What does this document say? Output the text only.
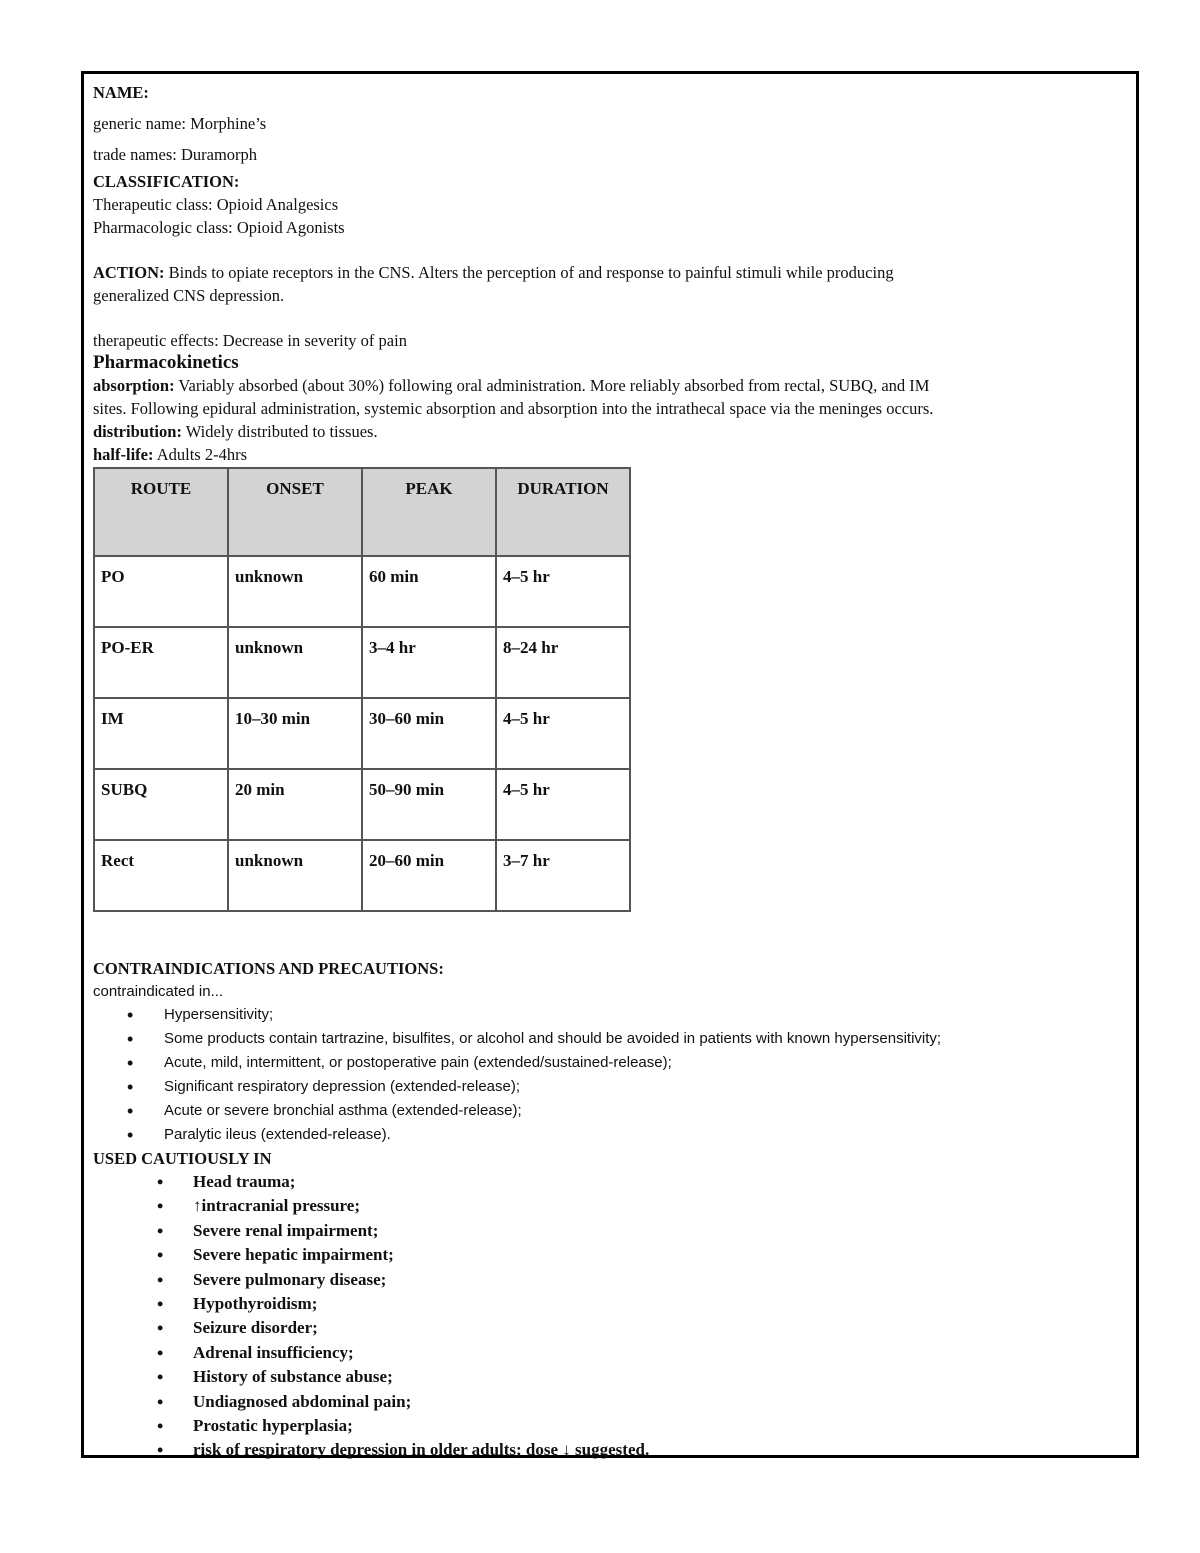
NAME:

generic name: Morphine’s

trade names: Duramorph

CLASSIFICATION:

Therapeutic class: Opioid Analgesics

Pharmacologic class: Opioid Agonists

ACTION: Binds to opiate receptors in the CNS. Alters the perception of and response to painful stimuli while producing

generalized CNS depression.

therapeutic effects: Decrease in severity of pain

Pharmacokinetics

absorption: Variably absorbed (about 30%) following oral administration. More reliably absorbed from rectal, SUBQ, and IM

sites. Following epidural administration, systemic absorption and absorption into the intrathecal space via the meninges occurs.

distribution: Widely distributed to tissues.

half-life: Adults 2-4hrs

ROUTE	ONSET	PEAK	DURATION
PO	unknown	60 min	4–5 hr
PO-ER	unknown	3–4 hr	8–24 hr
IM	10–30 min	30–60 min	4–5 hr
SUBQ	20 min	50–90 min	4–5 hr
Rect	unknown	20–60 min	3–7 hr

CONTRAINDICATIONS AND PRECAUTIONS:

contraindicated in...

• Hypersensitivity;
• Some products contain tartrazine, bisulfites, or alcohol and should be avoided in patients with known hypersensitivity;
• Acute, mild, intermittent, or postoperative pain (extended/sustained-release);
• Significant respiratory depression (extended-release);
• Acute or severe bronchial asthma (extended-release);
• Paralytic ileus (extended-release).

USED CAUTIOUSLY IN

• Head trauma;
• ↑intracranial pressure;
• Severe renal impairment;
• Severe hepatic impairment;
• Severe pulmonary disease;
• Hypothyroidism;
• Seizure disorder;
• Adrenal insufficiency;
• History of substance abuse;
• Undiagnosed abdominal pain;
• Prostatic hyperplasia;
• risk of respiratory depression in older adults; dose ↓ suggested.
